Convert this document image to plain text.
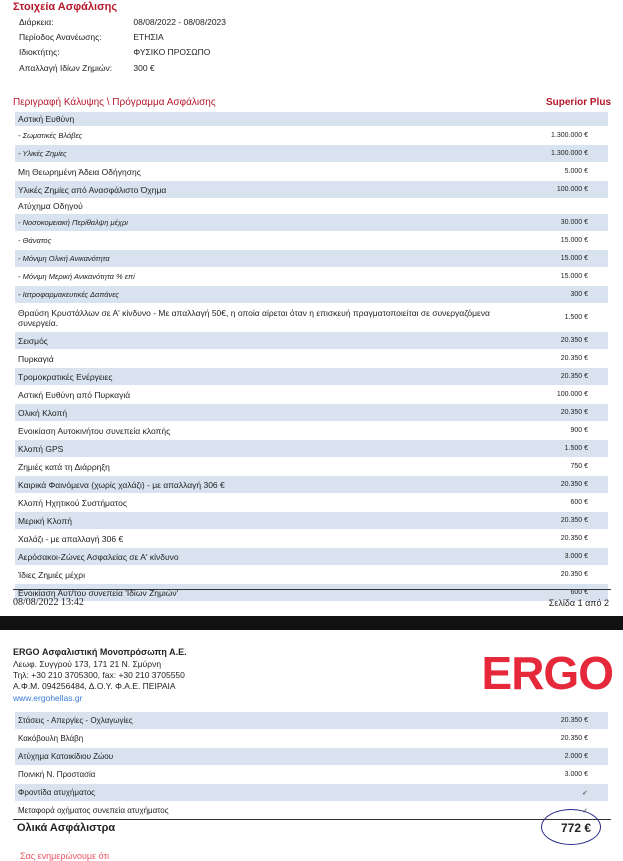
Στοιχεία Ασφάλισης
Διάρκεια:	08/08/2022 - 08/08/2023
Περίοδος Ανανέωσης:	ΕΤΗΣΙΑ
Ιδιοκτήτης:	ΦΥΣΙΚΟ ΠΡΟΣΩΠΟ
Απαλλαγή Ιδίων Ζημιών: 300 €
Περιγραφή Κάλυψης \ Πρόγραμμα Ασφάλισης	Superior Plus
Αστική Ευθύνη
- Σωματικές Βλάβες	1.300.000 €
- Υλικές Ζημίες	1.300.000 €
Μη Θεωρημένη Άδεια Οδήγησης	5.000 €
Υλικές Ζημίες από Ανασφάλιστο Όχημα	100.000 €
Ατύχημα Οδηγού
- Νοσοκομειακή Περίθαλψη μέχρι	30.000 €
- Θάνατος	15.000 €
- Μόνιμη Ολική Ανικανότητα	15.000 €
- Μόνιμη Μερική Ανικανότητα % επί	15.000 €
- Ιατροφαρμακευτικές Δαπάνες	300 €
Θραύση Κρυστάλλων σε Α' κίνδυνο - Με απαλλαγή 50€, η οποία αίρεται όταν η επισκευή πραγματοποιείται σε συνεργαζόμενα συνεργεία.	1.500 €
Σεισμός	20.350 €
Πυρκαγιά	20.350 €
Τρομοκρατικές Ενέργειες	20.350 €
Αστική Ευθύνη από Πυρκαγιά	100.000 €
Ολική Κλοπή	20.350 €
Ενοικίαση Αυτοκινήτου συνεπεία κλοπής	900 €
Κλοπή GPS	1.500 €
Ζημιές κατά τη Διάρρηξη	750 €
Καιρικά Φαινόμενα (χωρίς χαλάζι) - με απαλλαγή 306 €	20.350 €
Κλοπή Ηχητικού Συστήματος	600 €
Μερική Κλοπή	20.350 €
Χαλάζι - με απαλλαγή 306 €	20.350 €
Αερόσακοι-Ζώνες Ασφαλείας σε Α' κίνδυνο	3.000 €
Ίδιες Ζημιές μέχρι	20.350 €
Ενοικίαση Αυτ/του συνεπεία 'Ιδίων Ζημιών'	600 €
08/08/2022 13:42	Σελίδα 1 από 2
ERGO Ασφαλιστική Μονοπρόσωπη Α.Ε.
Λεωφ. Συγγρού 173, 171 21 Ν. Σμύρνη
Τηλ: +30 210 3705300, fax: +30 210 3705550
Α.Φ.Μ. 094256484, Δ.Ο.Υ. Φ.Α.Ε. ΠΕΙΡΑΙΑ
www.ergohellas.gr	ERGO
Στάσεις - Απεργίες - Οχλαγωγίες	20.350 €
Κακόβουλη Βλάβη	20.350 €
Ατύχημα Κατοικίδιου Ζώου	2.000 €
Ποινική Ν. Προστασία	3.000 €
Φροντίδα ατυχήματος	✓
Μεταφορά οχήματος συνεπεία ατυχήματος	✓
Ολικά Ασφάλιστρα	772 €
Σας ενημερώνουμε ότι
